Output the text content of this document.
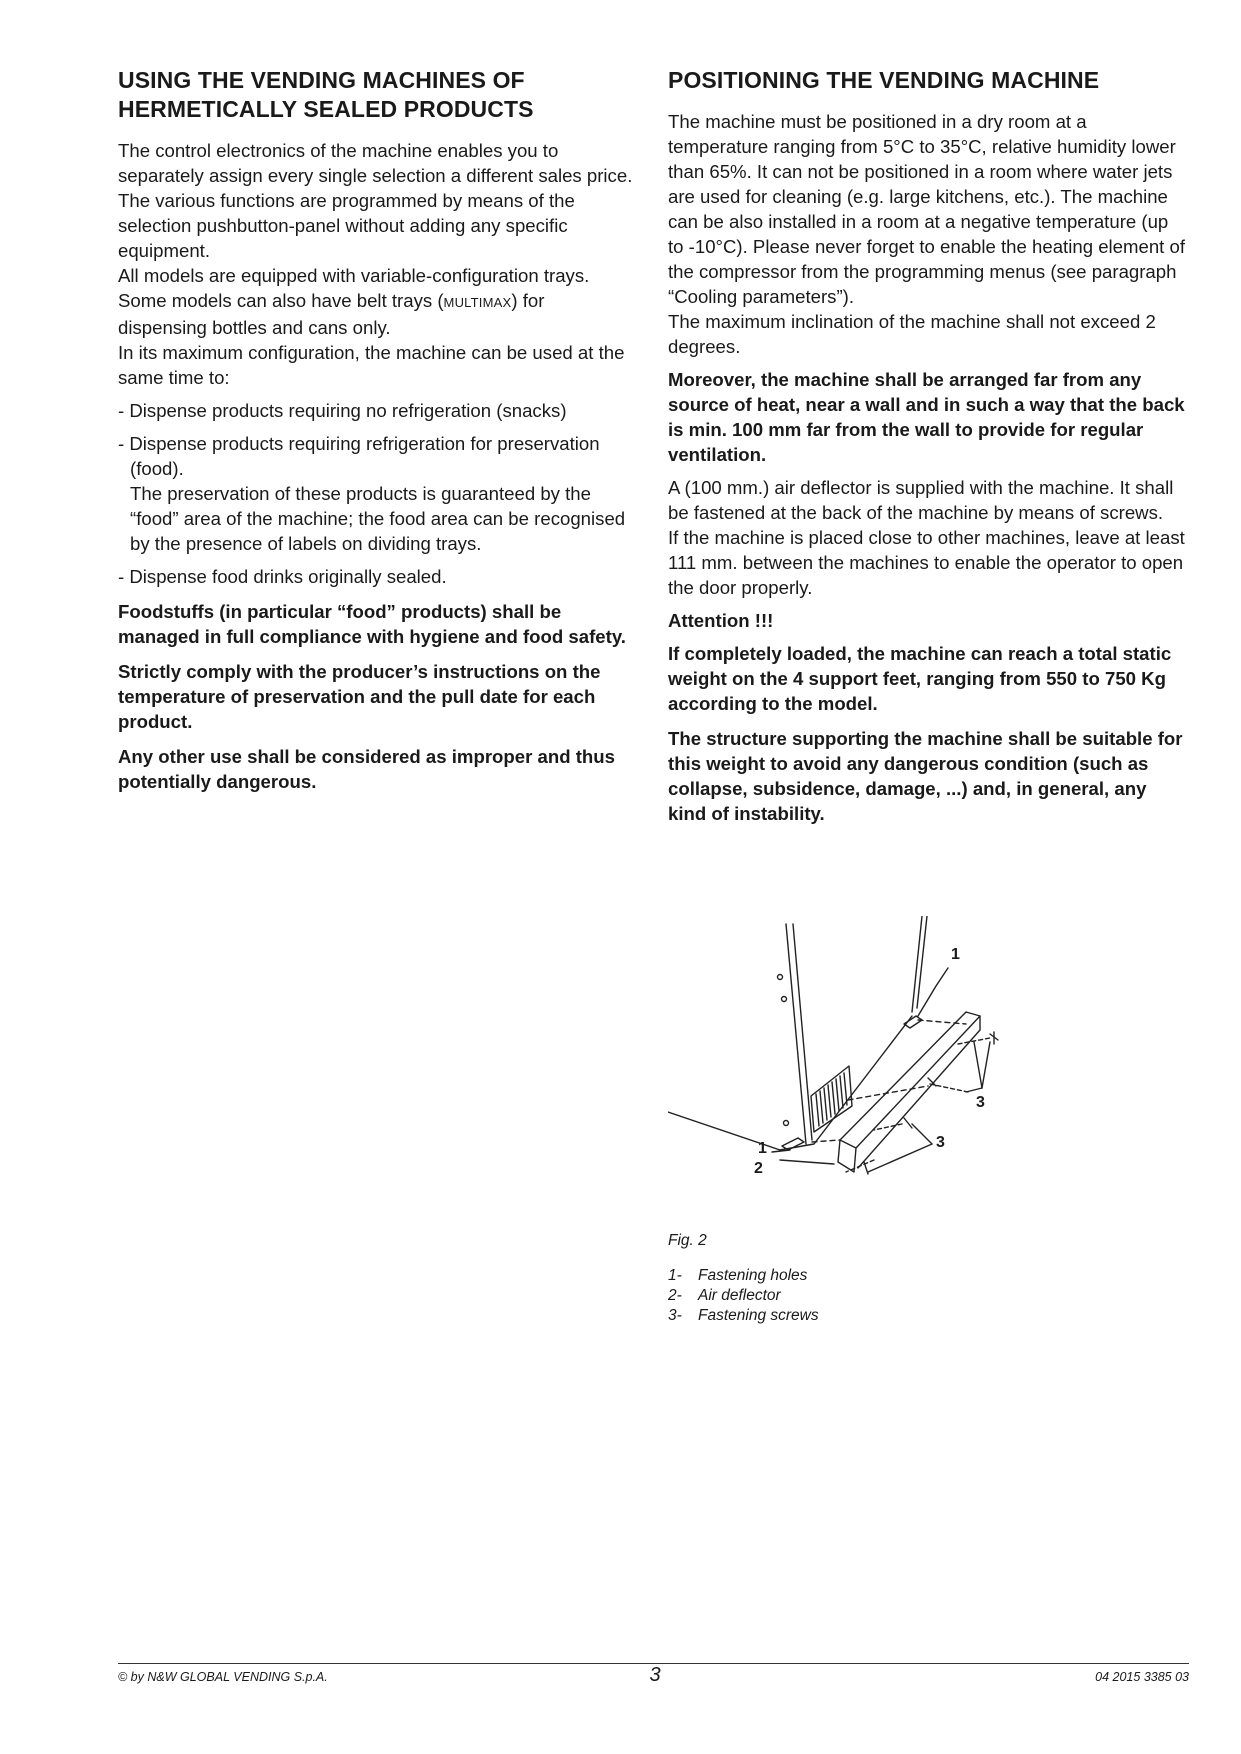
USING THE VENDING MACHINES OF
HERMETICALLY SEALED PRODUCTS

The control electronics of the machine enables you to separately assign every single selection a different sales price.

The various functions are programmed by means of the selection pushbutton-panel without adding any specific equipment.

All models are equipped with variable-configuration trays. Some models can also have belt trays (MULTIMAX) for dispensing bottles and cans only.

In its maximum configuration, the machine can be used at the same time to:

- Dispense products requiring no refrigeration (snacks)

- Dispense products requiring refrigeration for preservation (food).

The preservation of these products is guaranteed by the “food” area of the machine; the food area can be recognised by the presence of labels on dividing trays.

- Dispense food drinks originally sealed.

Foodstuffs (in particular “food” products) shall be managed in full compliance with hygiene and food safety.

Strictly comply with the producer’s instructions on the temperature of preservation and the pull date for each product.

Any other use shall be considered as improper and thus potentially dangerous.

POSITIONING THE VENDING MACHINE

The machine must be positioned in a dry room at a temperature ranging from 5°C to 35°C, relative humidity lower than 65%. It can not be positioned in a room where water jets are used for cleaning (e.g. large kitchens, etc.). The machine can be also installed in a room at a negative temperature (up to -10°C). Please never forget to enable the heating element of the compressor from the programming menus (see paragraph “Cooling parameters”).

The maximum inclination of the machine shall not exceed 2 degrees.

Moreover, the machine shall be arranged far from any source of heat, near a wall and in such a way that the back is min. 100 mm far from the wall to provide for regular ventilation.

A (100 mm.) air deflector is supplied with the machine. It shall be fastened at the back of the machine by means of screws.

If the machine is placed close to other machines, leave at least 111 mm. between the machines to enable the operator to open the door properly.

Attention !!!

If completely loaded, the machine can reach a total static weight on the 4 support feet, ranging from 550 to 750 Kg according to the model.

The structure supporting the machine shall be suitable for this weight to avoid any dangerous condition (such as collapse, subsidence, damage, ...) and, in general, any kind of instability.

1
1
2
3
3
Fig. 2
1-	Fastening holes
2-	Air deflector
3-	Fastening screws
© by N&W GLOBAL VENDING S.p.A.	3	04 2015 3385 03
